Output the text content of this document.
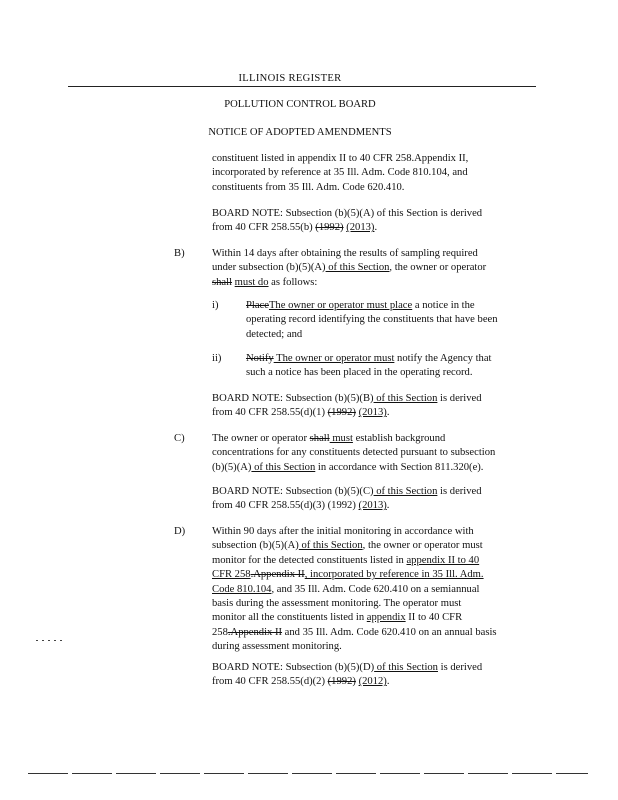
ILLINOIS REGISTER
POLLUTION CONTROL BOARD
NOTICE OF ADOPTED AMENDMENTS
constituent listed in appendix II to 40 CFR 258.Appendix II,
incorporated by reference at 35 Ill. Adm. Code 810.104, and
constituents from 35 Ill. Adm. Code 620.410.
BOARD NOTE: Subsection (b)(5)(A) of this Section is derived
from 40 CFR 258.55(b) (1992) (2013).
B)	Within 14 days after obtaining the results of sampling required
under subsection (b)(5)(A) of this Section, the owner or operator
shall must do as follows:
i)	PlaceThe owner or operator must place a notice in the
operating record identifying the constituents that have been
detected; and
ii) Notify The owner or operator must notify the Agency that
such a notice has been placed in the operating record.
BOARD NOTE: Subsection (b)(5)(B) of this Section is derived
from 40 CFR 258.55(d)(1) (1992) (2013).
C)	The owner or operator shall must establish background
concentrations for any constituents detected pursuant to subsection
(b)(5)(A) of this Section in accordance with Section 811.320(e).
BOARD NOTE: Subsection (b)(5)(C) of this Section is derived
from 40 CFR 258.55(d)(3) (1992) (2013).
D)	Within 90 days after the initial monitoring in accordance with
subsection (b)(5)(A) of this Section, the owner or operator must
monitor for the detected constituents listed in appendix II to 40
CFR 258.Appendix II, incorporated by reference in 35 Ill. Adm.
Code 810.104, and 35 Ill. Adm. Code 620.410 on a semiannual
basis during the assessment monitoring. The operator must
monitor all the constituents listed in appendix II to 40 CFR
258.Appendix II and 35 Ill. Adm. Code 620.410 on an annual basis
during assessment monitoring.
BOARD NOTE: Subsection (b)(5)(D) of this Section is derived
from 40 CFR 258.55(d)(2) (1992) (2012).
